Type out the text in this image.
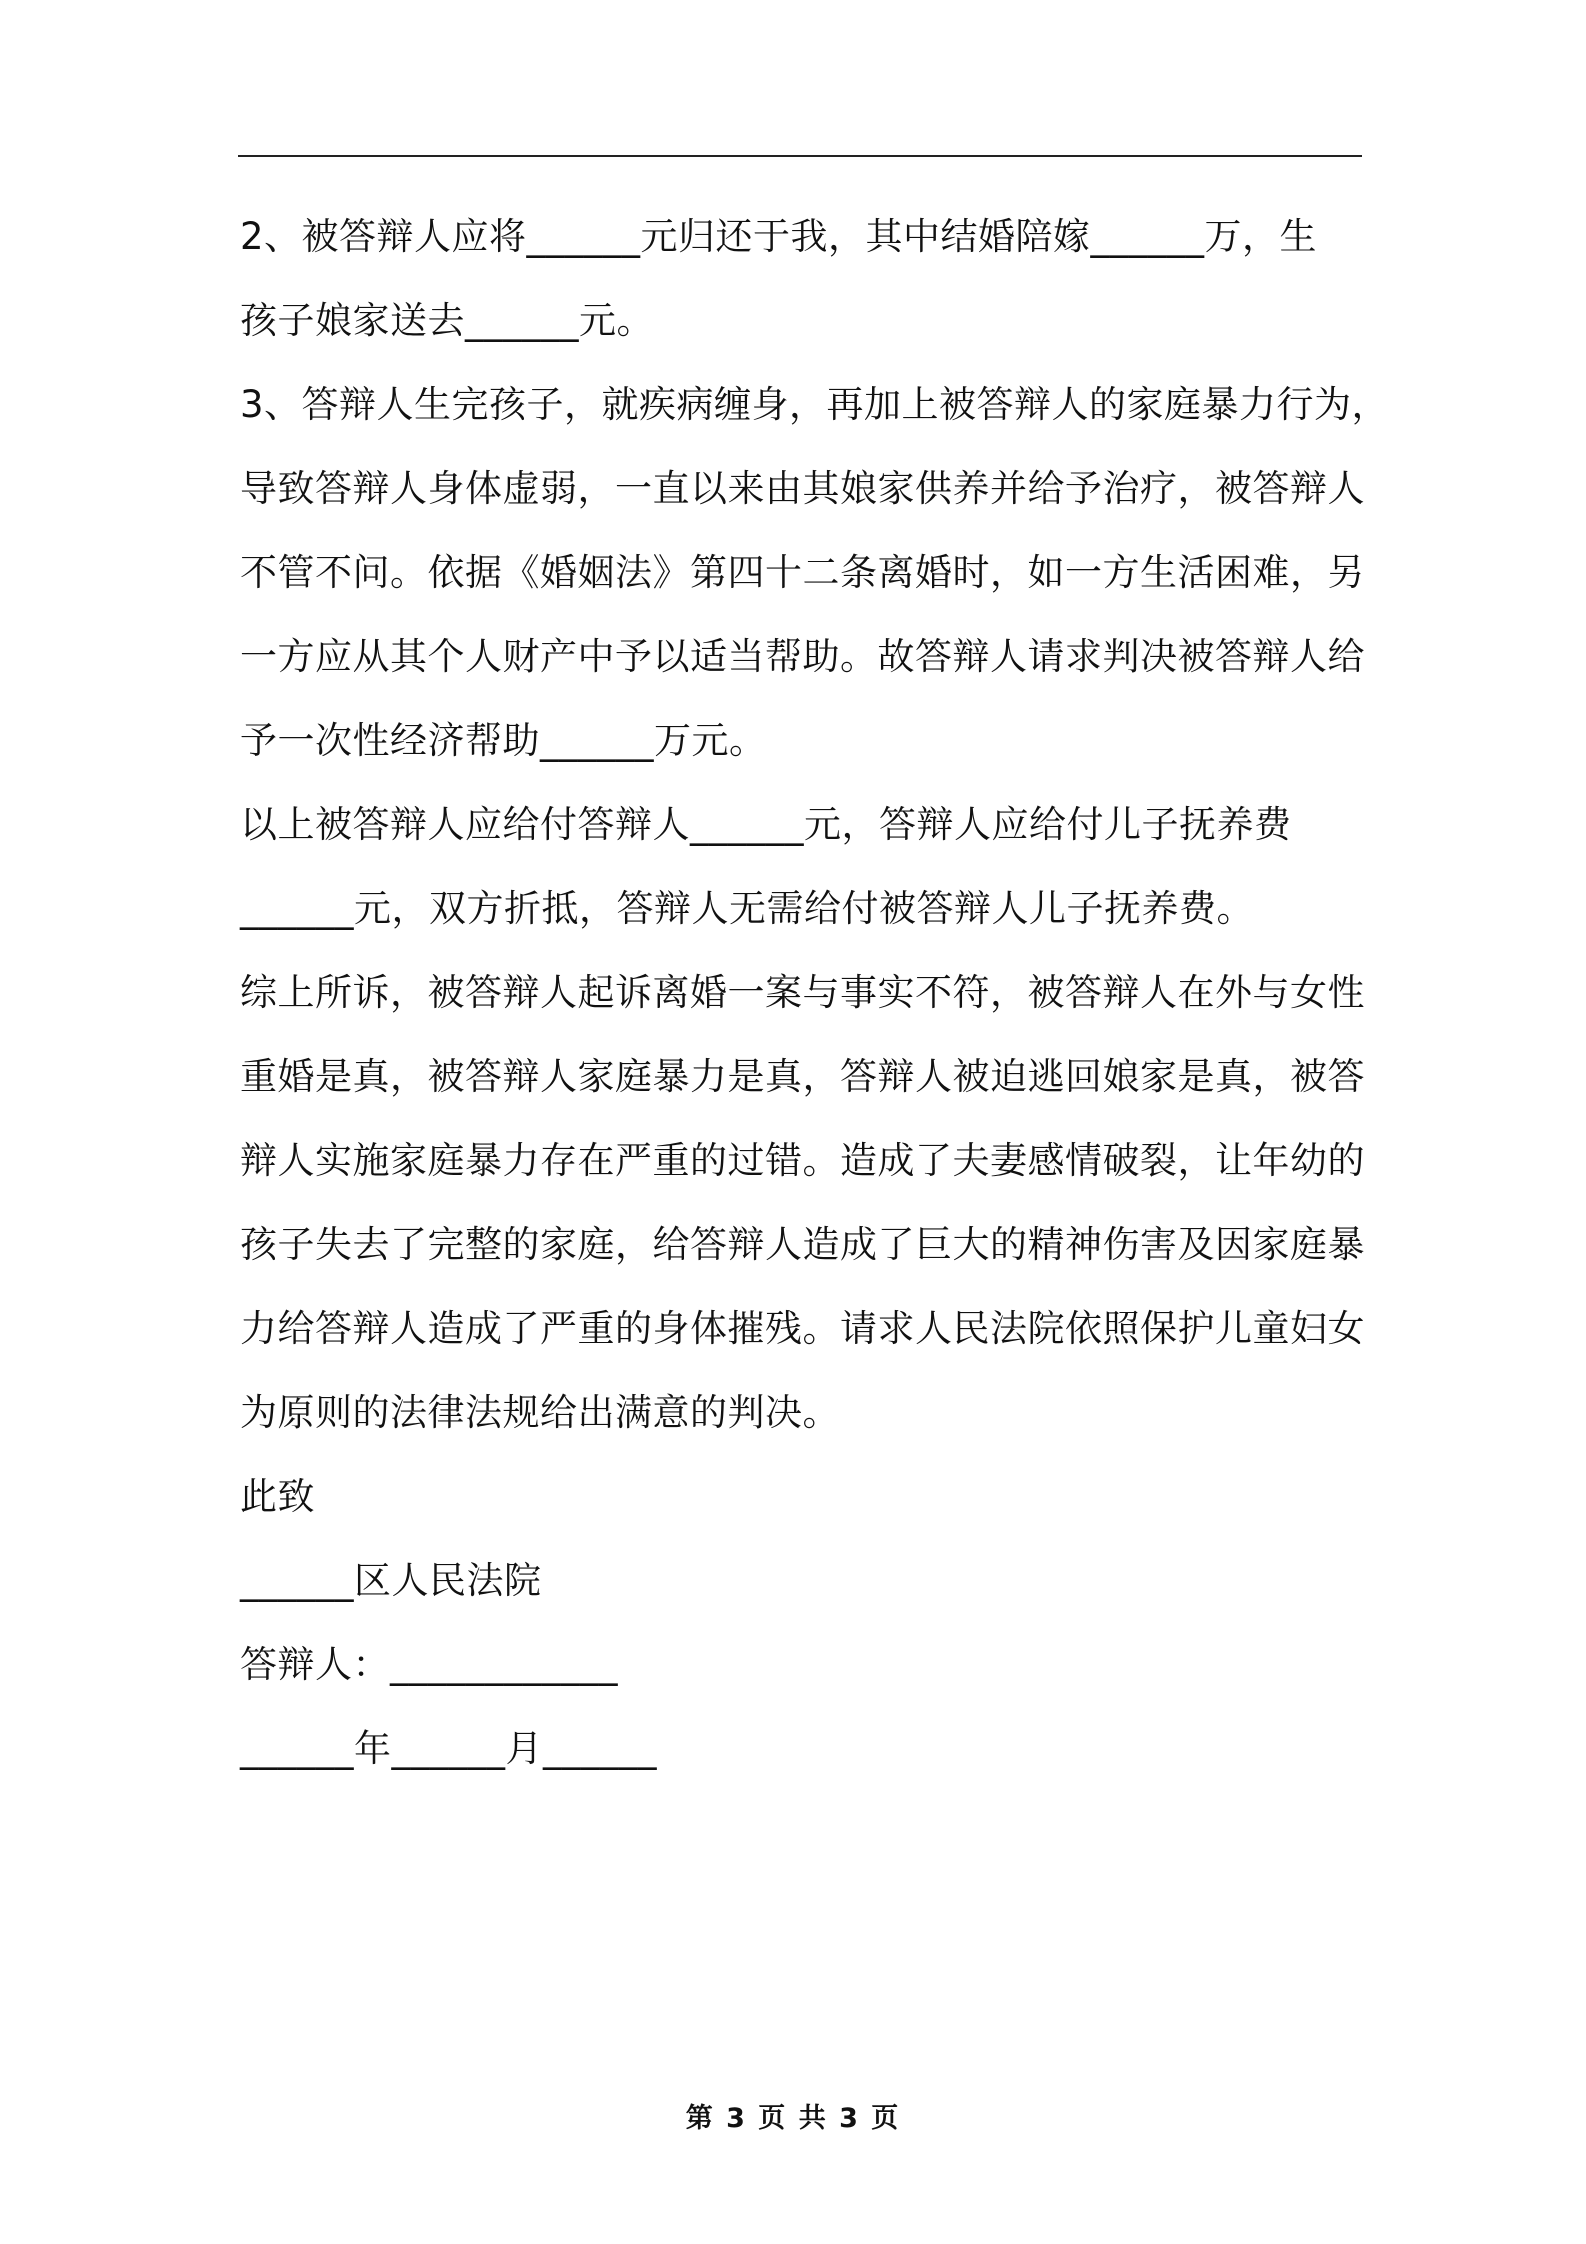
2、被答辩人应将______元归还于我，其中结婚陪嫁______万，生
孩子娘家送去______元。
3、答辩人生完孩子，就疾病缠身，再加上被答辩人的家庭暴力行为，
导致答辩人身体虚弱，一直以来由其娘家供养并给予治疗，被答辩人
不管不问。依据《婚姻法》第四十二条离婚时，如一方生活困难，另
一方应从其个人财产中予以适当帮助。故答辩人请求判决被答辩人给
予一次性经济帮助______万元。
以上被答辩人应给付答辩人______元，答辩人应给付儿子抚养费
______元，双方折抵，答辩人无需给付被答辩人儿子抚养费。
综上所诉，被答辩人起诉离婚一案与事实不符，被答辩人在外与女性
重婚是真，被答辩人家庭暴力是真，答辩人被迫逃回娘家是真，被答
辩人实施家庭暴力存在严重的过错。造成了夫妻感情破裂，让年幼的
孩子失去了完整的家庭，给答辩人造成了巨大的精神伤害及因家庭暴
力给答辩人造成了严重的身体摧残。请求人民法院依照保护儿童妇女
为原则的法律法规给出满意的判决。
此致
______区人民法院
答辩人：____________
______年______月______
第 3 页 共 3 页
